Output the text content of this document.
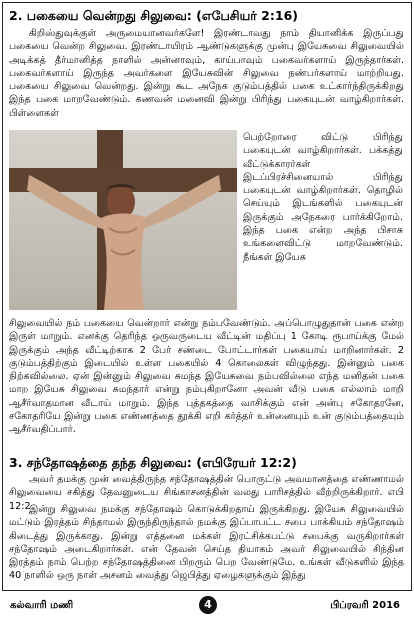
2. பகையை வென்றது சிலுவை: (எபேசியர் 2:16)

கிறிஸ்துவுக்குள் அருமையானவர்களே! இரண்டாவது நாம் தியானிக்க இருப்பது பகையை வென்ற சிலுவை. இரண்டாயிரம் ஆண்டுகளுக்கு முன்பு இயேசுவை சிலுவையில் அடிக்கத் தீர்மானித்த நாளில் அன்னாவும், காய்பாவும் பகைவர்களாய் இருந்தார்கள். பகைவர்களாய் இருந்த அவர்களை இயேசுவின் சிலுவை நண்பர்களாய் மாற்றியது. பகையை சிலுவை வென்றது. இன்று கூட அநேக குடும்பத்தில் பகை உட்கார்ந்திருக்கிறது இந்த பகை மாறவேண்டும். கணவன் மனைவி இன்று பிரிந்து பகையுடன் வாழ்கிறார்கள். பிள்ளைகள்

பெற்றோரை விட்டு பிரிந்து பகையுடன் வாழ்கிறார்கள். பக்கத்து வீட்டுக்காரர்கள் இடப்பிரச்சினையால் பிரிந்து பகையுடன் வாழ்கிறார்கள். தொழில் செய்யும் இடங்களில் பகையுடன் இருக்கும் அநேகரை பார்க்கிறோம். இந்த பகை என்ற அந்த பிசாசு உங்களைவிட்டு மாறவேண்டும். நீங்கள் இயேசு

சிலுவையில் நம் பகையை வென்றார் என்று நம்பவேண்டும். அப்பொழுதுதான் பகை என்ற இருள் மாறும். எனக்கு தெரிந்த ஒருவருடைய வீட்டின் மதிப்பு 1 கோடி ரூபாய்க்கு மேல் இருக்கும் அந்த வீட்டிற்காக 2 பேர் சண்டை போட்டார்கள் பகையாய் மாறினார்கள். 2 குடும்பத்திற்கும் இடையில் உள்ள பகையில் 4 கொலைகள் விழுந்தது. இன்னும் பகை நிற்கவில்லை. ஏன் இன்னும் சிலுவை சுமந்த இயேசுவை நம்பவில்லை எந்த மனிதன் பகை மாற இயேசு சிலுவை சுமந்தார் என்று நம்புகிறானோ அவன் வீடு பகை எல்லாம் மாறி ஆசீர்வாதமான வீடாய் மாறும். இந்த புத்தகத்தை வாசிக்கும் என் அன்பு சகோதரனே, சகோதரியே இன்று பகை எண்ணத்தை தூக்கி எறி கர்த்தர் உன்னையும் உன் குடும்பத்தையும் ஆசீர்வதிப்பார்.

3. சந்தோஷத்தை தந்த சிலுவை: (எபிரேயர் 12:2)

அவர் தமக்கு முன் வைத்திருந்த சந்தோஷத்தின் பொருட்டு அவமானத்தை எண்ணாமல் சிலுவையை சகித்து தேவனுடைய சிங்காசனத்தின் வலது பாரிசத்தில் வீற்றிருக்கிறார். எபி 12:2.

இன்று சிலுவை நமக்கு சந்தோஷம் கொடுக்கிறதாய் இருக்கிறது. இயேசு சிலுவையில் மட்டும் இரத்தம் சிந்தாமல் இருந்திருந்தால் நமக்கு இப்பாபட்ட சபை பாக்கியம் சந்தோஷம் கிடைத்து இருக்காது. இன்று எத்தனை மக்கள் இரட்சிக்கபட்டு சபைக்கு வருகிறார்கள் சந்தோஷம் அடைகிறார்கள். என் தேவன் செய்த தியாகம் அவர் சிலுவையில் சிந்தின இரத்தம் நாம் பெற்ற சந்தோஷத்தினை பிறரும் பெற வேண்டுமே. உங்கள் வீடுகளில் இந்த 40 நாளில் ஒரு நாள் அசனம் வைத்து ஜெபித்து ஏழைகளுக்கும் இந்து

கல்வாரி மணி	4	பிப்ரவரி 2016
